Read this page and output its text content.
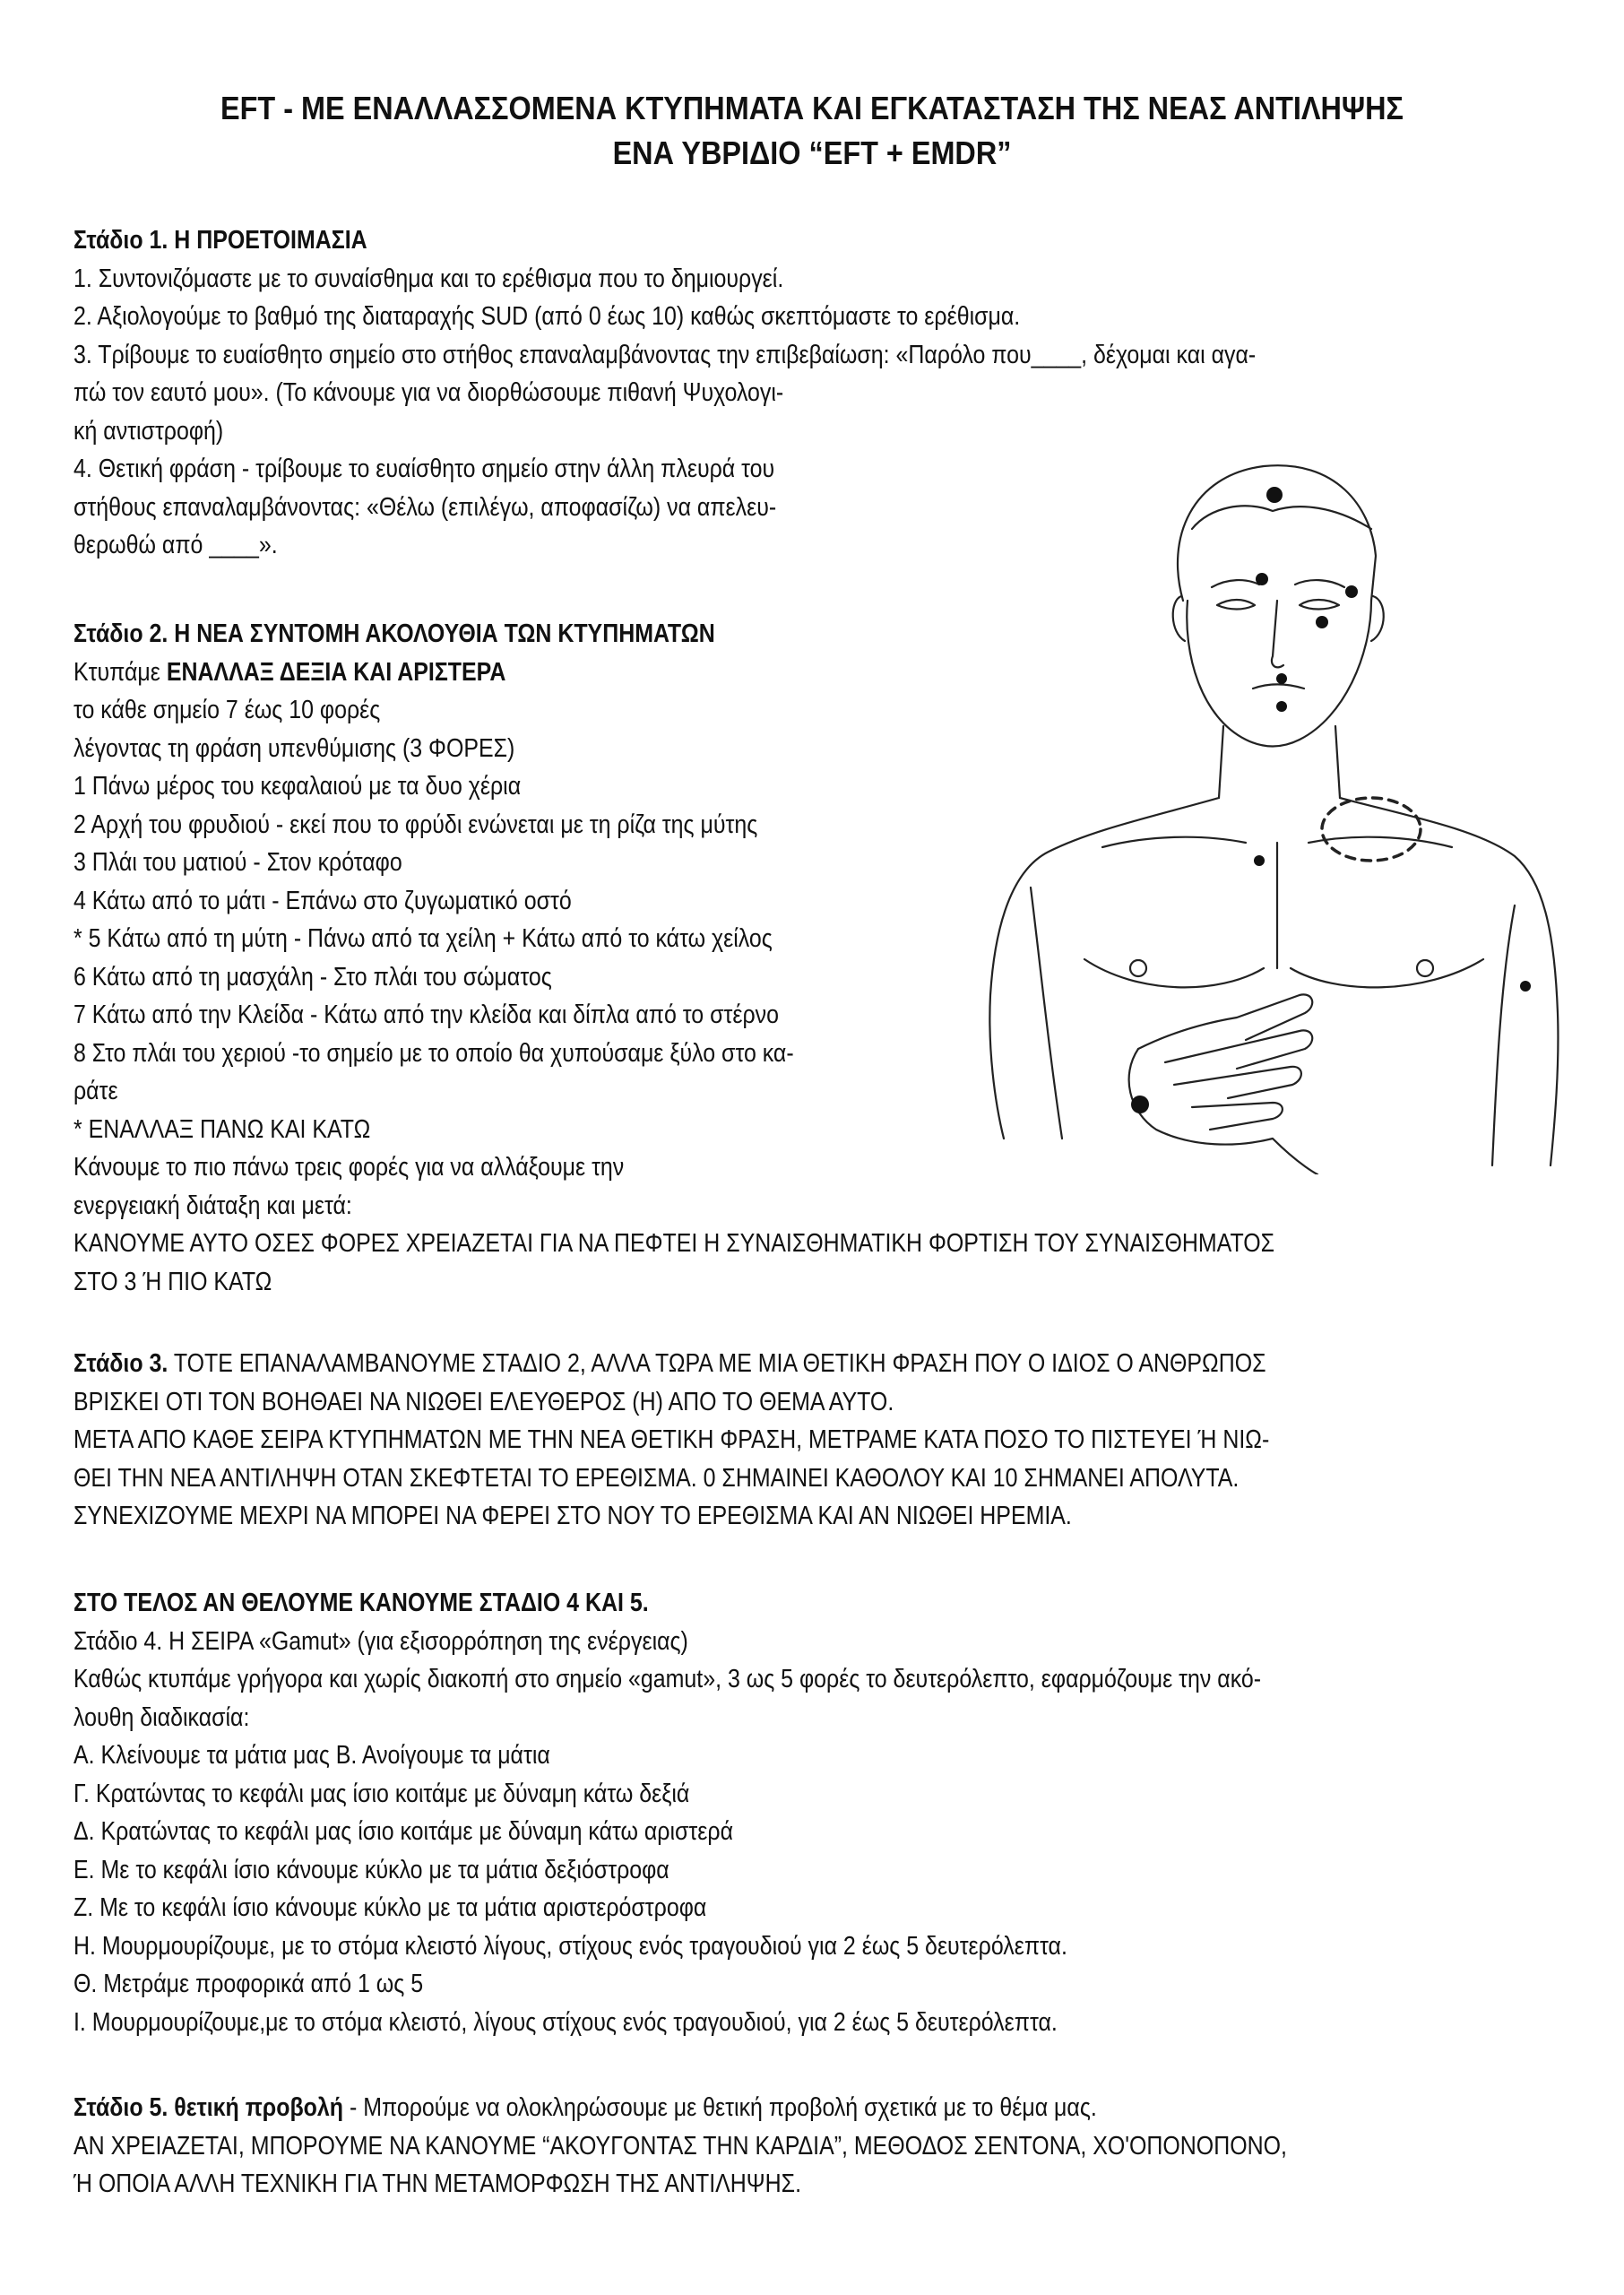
EFT - ΜΕ ΕΝΑΛΛΑΣΣΟΜΕΝΑ ΚΤΥΠΗΜΑΤΑ ΚΑΙ ΕΓΚΑΤΑΣΤΑΣΗ ΤΗΣ ΝΕΑΣ ΑΝΤΙΛΗΨΗΣ
ΕΝΑ ΥΒΡΙΔΙΟ “EFT + EMDR”
Στάδιο 1. Η ΠΡΟΕΤΟΙΜΑΣΙΑ
1. Συντονιζόμαστε με το συναίσθημα και το ερέθισμα που το δημιουργεί.
2. Αξιολογούμε το βαθμό της διαταραχής SUD (από 0 έως 10) καθώς σκεπτόμαστε το ερέθισμα.
3. Τρίβουμε το ευαίσθητο σημείο στο στήθος επαναλαμβάνοντας την επιβεβαίωση: «Παρόλο που____, δέχομαι και αγα-
πώ τον εαυτό μου». (Το κάνουμε για να διορθώσουμε πιθανή Ψυχολογι-
κή αντιστροφή)
4. Θετική φράση - τρίβουμε το ευαίσθητο σημείο στην άλλη πλευρά του
στήθους επαναλαμβάνοντας: «Θέλω (επιλέγω, αποφασίζω) να απελευ-
θερωθώ από ____».
Στάδιο 2. Η ΝΕΑ ΣΥΝΤΟΜΗ ΑΚΟΛΟΥΘΙΑ ΤΩΝ ΚΤΥΠΗΜΑΤΩΝ
Κτυπάμε ΕΝΑΛΛΑΞ ΔΕΞΙΑ ΚΑΙ ΑΡΙΣΤΕΡΑ
το κάθε σημείο 7 έως 10 φορές
λέγοντας τη φράση υπενθύμισης (3 ΦΟΡΕΣ)
1 Πάνω μέρος του κεφαλαιού με τα δυο χέρια
2 Αρχή του φρυδιού - εκεί που το φρύδι ενώνεται με τη ρίζα της μύτης
3 Πλάι του ματιού - Στον κρόταφο
4 Κάτω από το μάτι - Επάνω στο ζυγωματικό οστό
* 5 Κάτω από τη μύτη - Πάνω από τα χείλη + Κάτω από το κάτω χείλος
6 Κάτω από τη μασχάλη - Στο πλάι του σώματος
7 Κάτω από την Κλείδα - Κάτω από την κλείδα και δίπλα από το στέρνο
8 Στο πλάι του χεριού -το σημείο με το οποίο θα χυπούσαμε ξύλο στο κα-
ράτε
* ΕΝΑΛΛΑΞ ΠΑΝΩ ΚΑΙ ΚΑΤΩ
Κάνουμε το πιο πάνω τρεις φορές για να αλλάξουμε την
ενεργειακή διάταξη και μετά:
ΚΑΝΟΥΜΕ ΑΥΤΟ ΟΣΕΣ ΦΟΡΕΣ ΧΡΕΙΑΖΕΤΑΙ ΓΙΑ ΝΑ ΠΕΦΤΕΙ Η ΣΥΝΑΙΣΘΗΜΑΤΙΚΗ ΦΟΡΤΙΣΗ ΤΟΥ ΣΥΝΑΙΣΘΗΜΑΤΟΣ
ΣΤΟ 3 Ή ΠΙΟ ΚΑΤΩ
Στάδιο 3. ΤΟΤΕ ΕΠΑΝΑΛΑΜΒΑΝΟΥΜΕ ΣΤΑΔΙΟ 2, ΑΛΛΑ ΤΩΡΑ ΜΕ ΜΙΑ ΘΕΤΙΚΗ ΦΡΑΣΗ ΠΟΥ Ο ΙΔΙΟΣ Ο ΑΝΘΡΩΠΟΣ
ΒΡΙΣΚΕΙ ΟΤΙ ΤΟΝ ΒΟΗΘΑΕΙ ΝΑ ΝΙΩΘΕΙ ΕΛΕΥΘΕΡΟΣ (Η) ΑΠΟ ΤΟ ΘΕΜΑ ΑΥΤΟ.
ΜΕΤΑ ΑΠΟ ΚΑΘΕ ΣΕΙΡΑ ΚΤΥΠΗΜΑΤΩΝ ΜΕ ΤΗΝ ΝΕΑ ΘΕΤΙΚΗ ΦΡΑΣΗ, ΜΕΤΡΑΜΕ ΚΑΤΑ ΠΟΣΟ ΤΟ ΠΙΣΤΕΥΕΙ Ή ΝΙΩ-
ΘΕΙ ΤΗΝ ΝΕΑ ΑΝΤΙΛΗΨΗ ΟΤΑΝ ΣΚΕΦΤΕΤΑΙ ΤΟ ΕΡΕΘΙΣΜΑ. 0 ΣΗΜΑΙΝΕΙ ΚΑΘΟΛΟΥ ΚΑΙ 10 ΣΗΜΑΝΕΙ ΑΠΟΛΥΤΑ.
ΣΥΝΕΧΙΖΟΥΜΕ ΜΕΧΡΙ ΝΑ ΜΠΟΡΕΙ ΝΑ ΦΕΡΕΙ ΣΤΟ ΝΟΥ ΤΟ ΕΡΕΘΙΣΜΑ ΚΑΙ ΑΝ ΝΙΩΘΕΙ ΗΡΕΜΙΑ.
ΣΤΟ ΤΕΛΟΣ ΑΝ ΘΕΛΟΥΜΕ ΚΑΝΟΥΜΕ ΣΤΑΔΙΟ 4 ΚΑΙ 5.
Στάδιο 4. Η ΣΕΙΡΑ «Gamut» (για εξισορρόπηση της ενέργειας)
Καθώς κτυπάμε γρήγορα και χωρίς διακοπή στο σημείο «gamut», 3 ως 5 φορές το δευτερόλεπτο, εφαρμόζουμε την ακό-
λουθη διαδικασία:
Α. Κλείνουμε τα μάτια μας Β. Ανοίγουμε τα μάτια
Γ. Κρατώντας το κεφάλι μας ίσιο κοιτάμε με δύναμη κάτω δεξιά
Δ. Κρατώντας το κεφάλι μας ίσιο κοιτάμε με δύναμη κάτω αριστερά
Ε. Με το κεφάλι ίσιο κάνουμε κύκλο με τα μάτια δεξιόστροφα
Ζ. Με το κεφάλι ίσιο κάνουμε κύκλο με τα μάτια αριστερόστροφα
Η. Μουρμουρίζουμε, με το στόμα κλειστό λίγους, στίχους ενός τραγουδιού για 2 έως 5 δευτερόλεπτα.
Θ. Μετράμε προφορικά από 1 ως 5
Ι. Μουρμουρίζουμε,με το στόμα κλειστό, λίγους στίχους ενός τραγουδιού, για 2 έως 5 δευτερόλεπτα.
Στάδιο 5. θετική προβολή - Μπορούμε να ολοκληρώσουμε με θετική προβολή σχετικά με το θέμα μας.
ΑΝ ΧΡΕΙΑΖΕΤΑΙ, ΜΠΟΡΟΥΜΕ ΝΑ ΚΑΝΟΥΜΕ “ΑΚΟΥΓΟΝΤΑΣ ΤΗΝ ΚΑΡΔΙΑ”, ΜΕΘΟΔΟΣ ΣΕΝΤΟΝΑ, ΧΟ'ΟΠΟΝΟΠΟΝΟ,
Ή ΟΠΟΙΑ ΑΛΛΗ ΤΕΧΝΙΚΗ ΓΙΑ ΤΗΝ ΜΕΤΑΜΟΡΦΩΣΗ ΤΗΣ ΑΝΤΙΛΗΨΗΣ.
